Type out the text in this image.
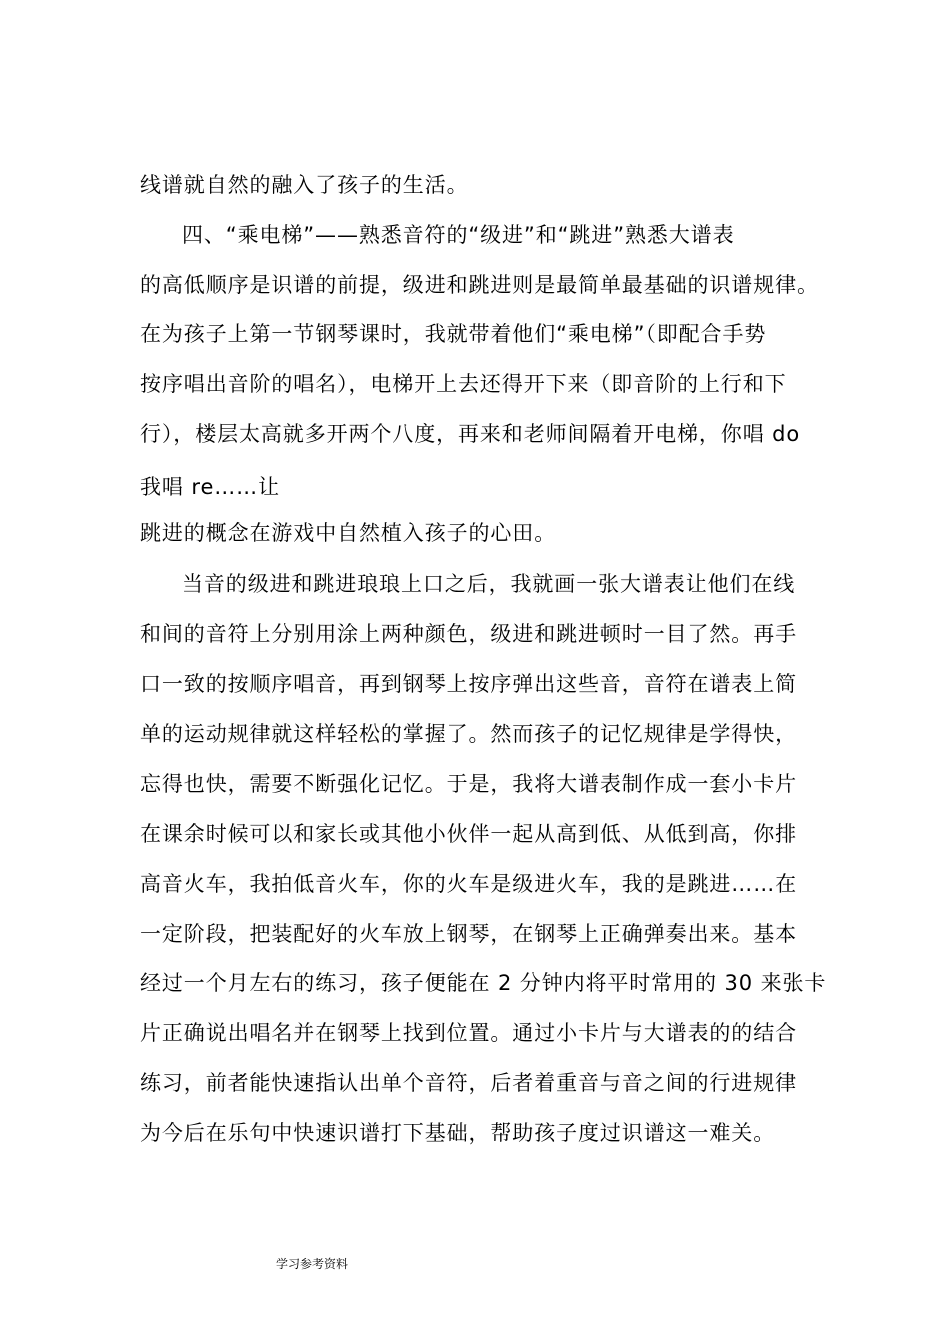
线谱就自然的融入了孩子的生活。
四、“乘电梯”——熟悉音符的“级进”和“跳进”熟悉大谱表
的高低顺序是识谱的前提，级进和跳进则是最简单最基础的识谱规律。
在为孩子上第一节钢琴课时，我就带着他们“乘电梯”（即配合手势
按序唱出音阶的唱名），电梯开上去还得开下来（即音阶的上行和下
行），楼层太高就多开两个八度，再来和老师间隔着开电梯，你唱 do
我唱 re……让
跳进的概念在游戏中自然植入孩子的心田。
当音的级进和跳进琅琅上口之后，我就画一张大谱表让他们在线
和间的音符上分别用涂上两种颜色，级进和跳进顿时一目了然。再手
口一致的按顺序唱音，再到钢琴上按序弹出这些音，音符在谱表上简
单的运动规律就这样轻松的掌握了。然而孩子的记忆规律是学得快，
忘得也快，需要不断强化记忆。于是，我将大谱表制作成一套小卡片
在课余时候可以和家长或其他小伙伴一起从高到低、从低到高，你排
高音火车，我拍低音火车，你的火车是级进火车，我的是跳进……在
一定阶段，把装配好的火车放上钢琴，在钢琴上正确弹奏出来。基本
经过一个月左右的练习，孩子便能在 2 分钟内将平时常用的 30 来张卡
片正确说出唱名并在钢琴上找到位置。通过小卡片与大谱表的的结合
练习，前者能快速指认出单个音符，后者着重音与音之间的行进规律
为今后在乐句中快速识谱打下基础，帮助孩子度过识谱这一难关。
学习参考资料
